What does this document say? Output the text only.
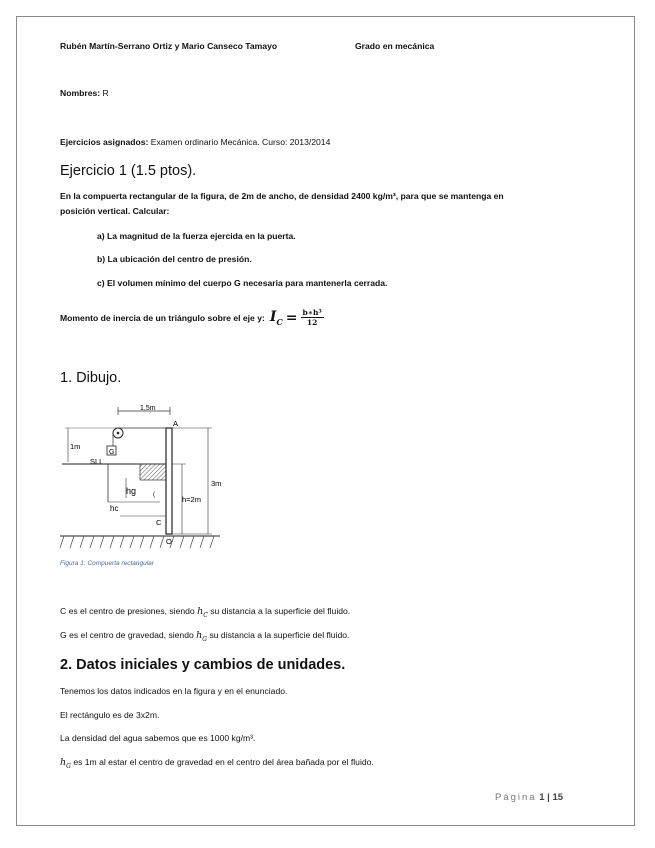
Rubén Martín-Serrano Ortiz y Mario Canseco Tamayo	Grado en mecánica
Nombres: R
Ejercicios asignados: Examen ordinario Mecánica. Curso: 2013/2014
Ejercicio 1 (1.5 ptos).
En la compuerta rectangular de la figura, de 2m de ancho, de densidad 2400 kg/m³, para que se mantenga en
posición vertical. Calcular:
a) La magnitud de la fuerza ejercida en la puerta.
b) La ubicación del centro de presión.
c) El volumen mínimo del cuerpo G necesaria para mantenerla cerrada.
Momento de inercia de un triángulo sobre el eje y: $I_C = \frac{\text{b∗h³}}{12}$
1. Dibujo.
1,5m
G
1m
SLL
A
3m
h=2m
hg	(
hc
C
O
Figura 1: Compuerta rectangular
C es el centro de presiones, siendo $h_C$ su distancia a la superficie del fluido.
G es el centro de gravedad, siendo $h_G$ su distancia a la superficie del fluido.
2. Datos iniciales y cambios de unidades.
Tenemos los datos indicados en la figura y en el enunciado.
El rectángulo es de 3x2m.
La densidad del agua sabemos que es 1000 kg/m³.
$h_G$ es 1m al estar el centro de gravedad en el centro del área bañada por el fluido.
Página 1 | 15
